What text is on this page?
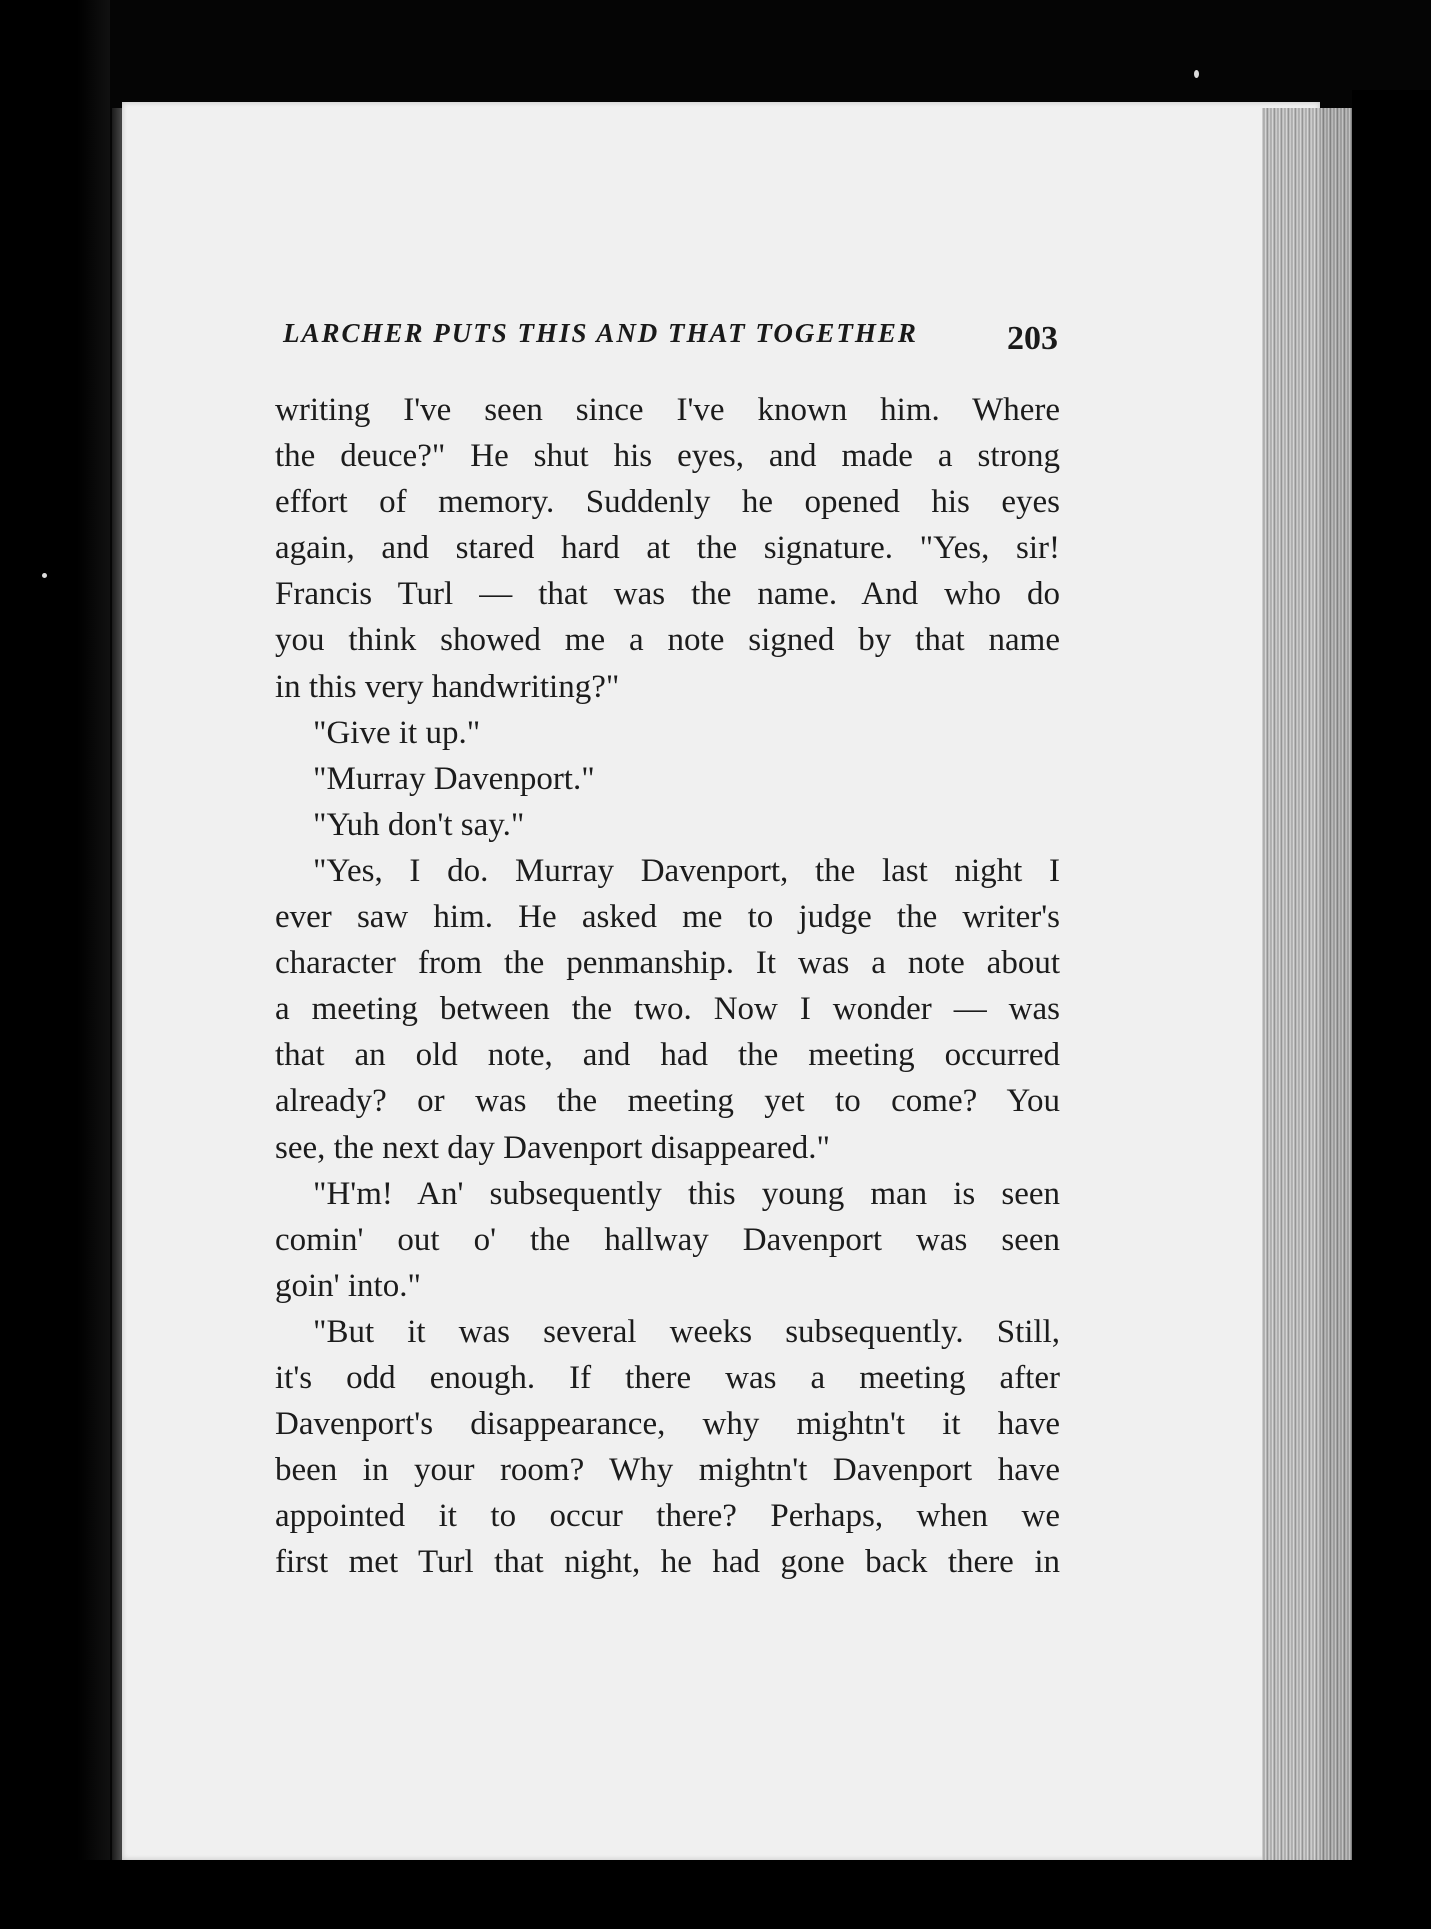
LARCHER PUTS THIS AND THAT TOGETHER	203
writing I've seen since I've known him. Where
the deuce?" He shut his eyes, and made a strong
effort of memory. Suddenly he opened his eyes
again, and stared hard at the signature. "Yes, sir!
Francis Turl — that was the name. And who do
you think showed me a note signed by that name
in this very handwriting?"
"Give it up."
"Murray Davenport."
"Yuh don't say."
"Yes, I do. Murray Davenport, the last night I
ever saw him. He asked me to judge the writer's
character from the penmanship. It was a note about
a meeting between the two. Now I wonder — was
that an old note, and had the meeting occurred
already? or was the meeting yet to come? You
see, the next day Davenport disappeared."
"H'm! An' subsequently this young man is seen
comin' out o' the hallway Davenport was seen
goin' into."
"But it was several weeks subsequently. Still,
it's odd enough. If there was a meeting after
Davenport's disappearance, why mightn't it have
been in your room? Why mightn't Davenport have
appointed it to occur there? Perhaps, when we
first met Turl that night, he had gone back there in
